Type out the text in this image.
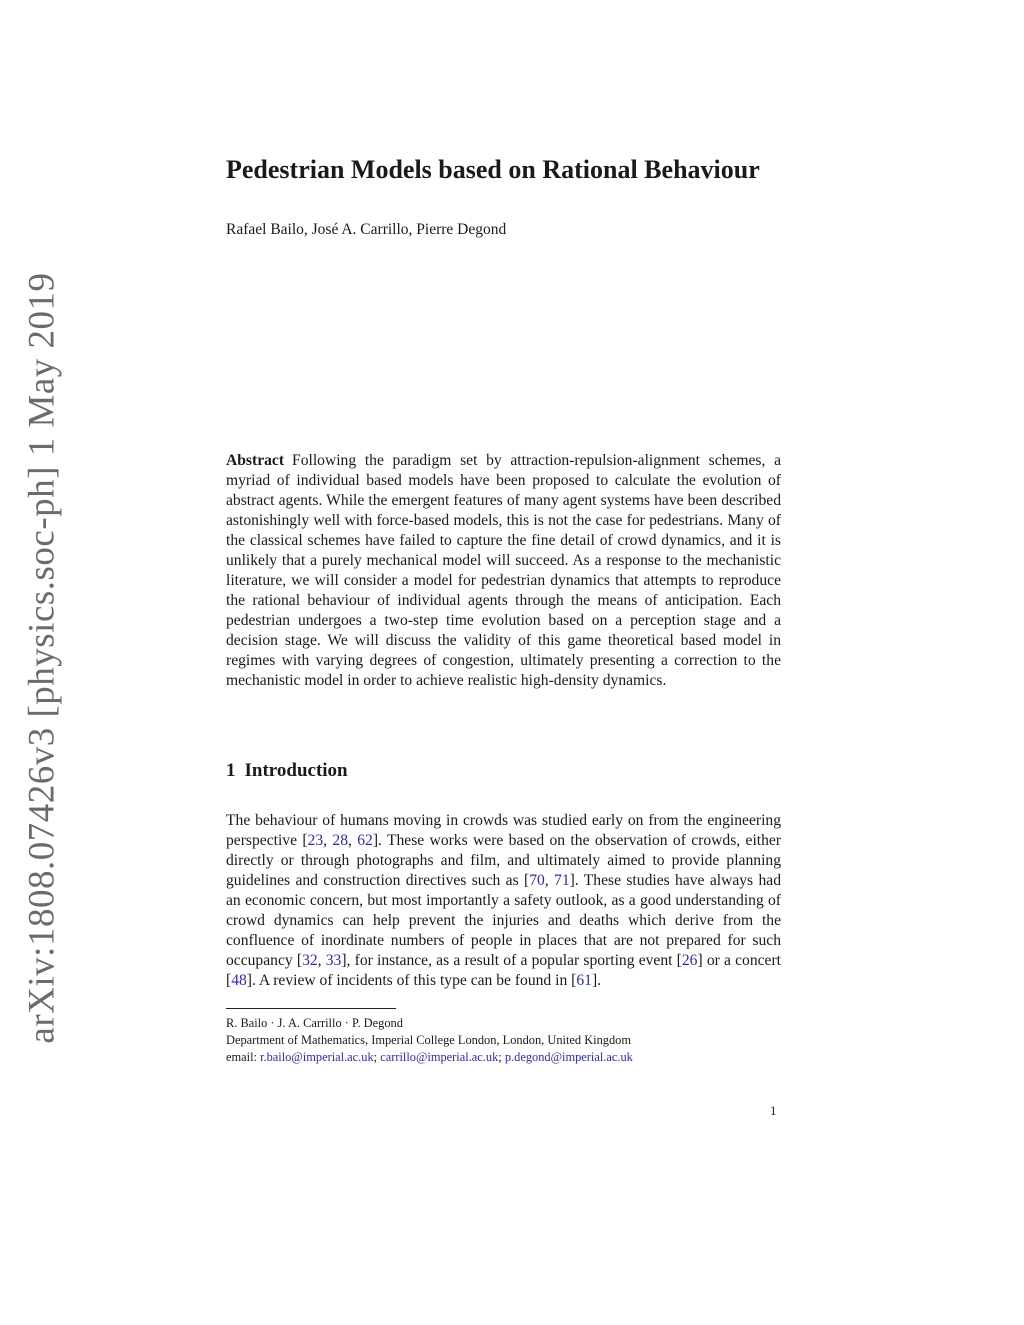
arXiv:1808.07426v3 [physics.soc-ph] 1 May 2019
Pedestrian Models based on Rational Behaviour
Rafael Bailo, José A. Carrillo, Pierre Degond

Abstract Following the paradigm set by attraction-repulsion-alignment schemes, a myriad of individual based models have been proposed to calculate the evolution of abstract agents. While the emergent features of many agent systems have been described astonishingly well with force-based models, this is not the case for pedestrians. Many of the classical schemes have failed to capture the fine detail of crowd dynamics, and it is unlikely that a purely mechanical model will succeed. As a response to the mechanistic literature, we will consider a model for pedestrian dynamics that attempts to reproduce the rational behaviour of individual agents through the means of anticipation. Each pedestrian undergoes a two-step time evolution based on a perception stage and a decision stage. We will discuss the validity of this game theoretical based model in regimes with varying degrees of congestion, ultimately presenting a correction to the mechanistic model in order to achieve realistic high-density dynamics.

1 Introduction

The behaviour of humans moving in crowds was studied early on from the engineering perspective [23, 28, 62]. These works were based on the observation of crowds, either directly or through photographs and film, and ultimately aimed to provide planning guidelines and construction directives such as [70, 71]. These studies have always had an economic concern, but most importantly a safety outlook, as a good understanding of crowd dynamics can help prevent the injuries and deaths which derive from the confluence of inordinate numbers of people in places that are not prepared for such occupancy [32, 33], for instance, as a result of a popular sporting event [26] or a concert [48]. A review of incidents of this type can be found in [61].

R. Bailo · J. A. Carrillo · P. Degond
Department of Mathematics, Imperial College London, London, United Kingdom
email: r.bailo@imperial.ac.uk; carrillo@imperial.ac.uk; p.degond@imperial.ac.uk
1
